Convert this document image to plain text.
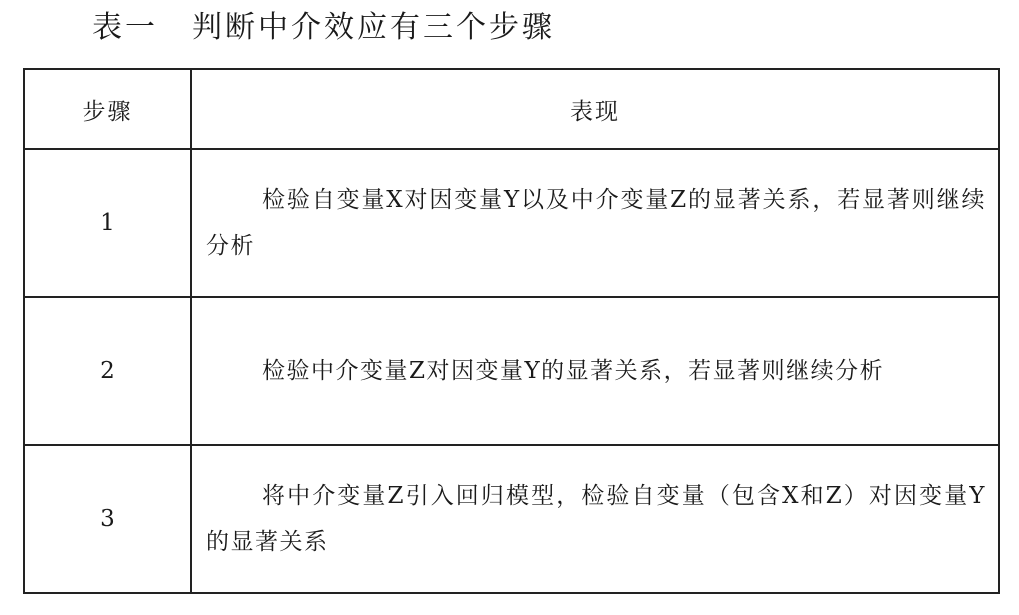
表一 判断中介效应有三个步骤
步骤	表现
1	检验自变量X对因变量Y以及中介变量Z的显著关系，若显著则继续分析
2	检验中介变量Z对因变量Y的显著关系，若显著则继续分析
3	将中介变量Z引入回归模型，检验自变量（包含X和Z）对因变量Y的显著关系
